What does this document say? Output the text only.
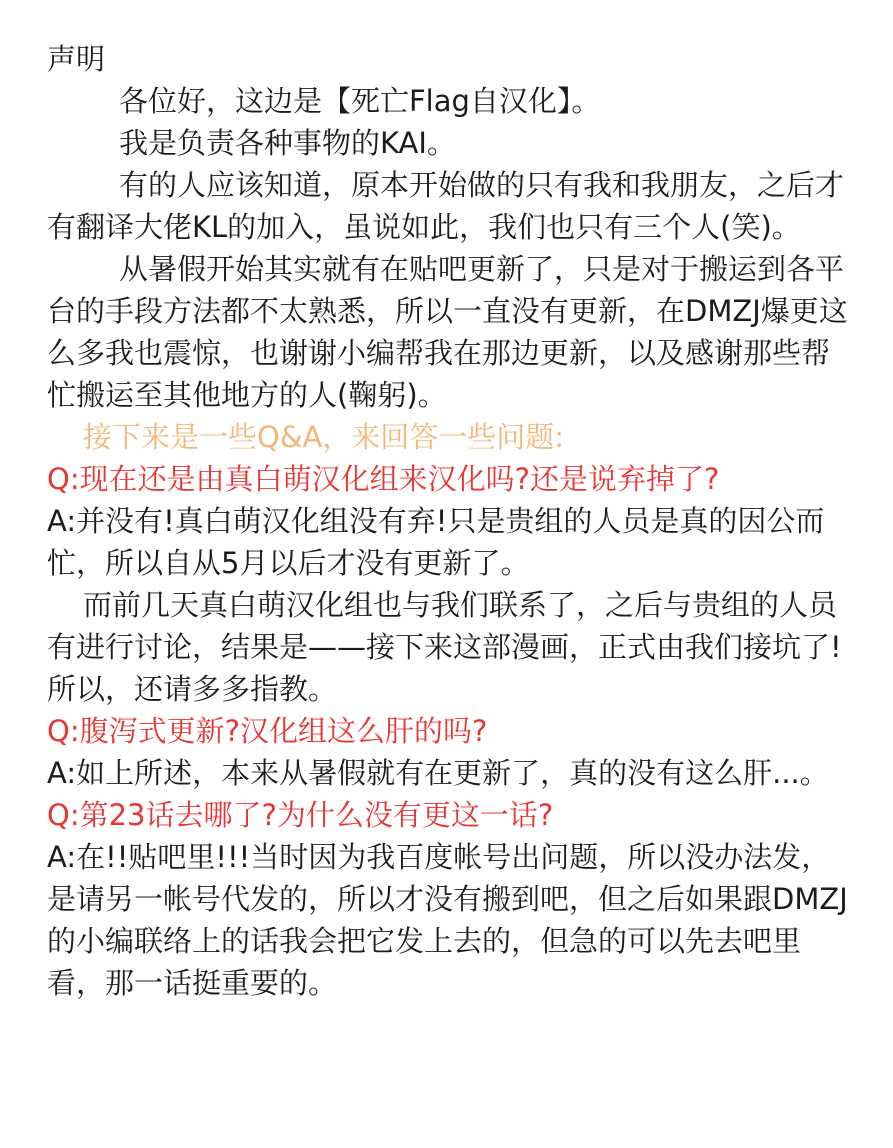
声明

各位好，这边是【死亡Flag自汉化】。

我是负责各种事物的KAI。

有的人应该知道，原本开始做的只有我和我朋友，之后才有翻译大佬KL的加入，虽说如此，我们也只有三个人(笑)。

从暑假开始其实就有在贴吧更新了，只是对于搬运到各平台的手段方法都不太熟悉，所以一直没有更新，在DMZJ爆更这么多我也震惊，也谢谢小编帮我在那边更新，以及感谢那些帮忙搬运至其他地方的人(鞠躬)。

接下来是一些Q&A，来回答一些问题:

Q:现在还是由真白萌汉化组来汉化吗?还是说弃掉了?

A:并没有!真白萌汉化组没有弃!只是贵组的人员是真的因公而忙，所以自从5月以后才没有更新了。

而前几天真白萌汉化组也与我们联系了，之后与贵组的人员有进行讨论，结果是——接下来这部漫画，正式由我们接坑了!所以，还请多多指教。

Q:腹泻式更新?汉化组这么肝的吗?

A:如上所述，本来从暑假就有在更新了，真的没有这么肝...。

Q:第23话去哪了?为什么没有更这一话?

A:在!!贴吧里!!!当时因为我百度帐号出问题，所以没办法发，是请另一帐号代发的，所以才没有搬到吧，但之后如果跟DMZJ的小编联络上的话我会把它发上去的，但急的可以先去吧里看，那一话挺重要的。
